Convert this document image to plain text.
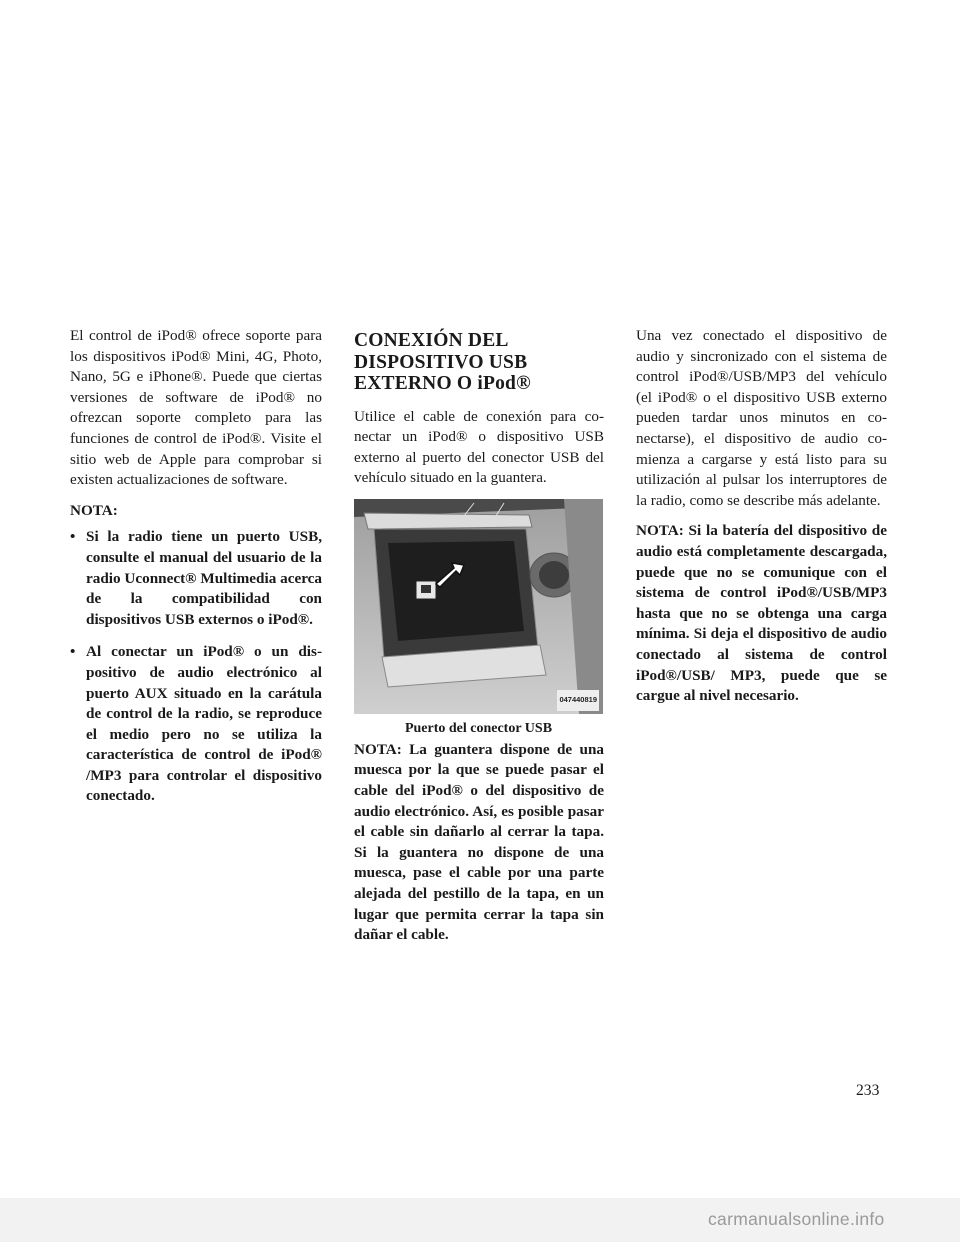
El control de iPod® ofrece soporte para los dispositivos iPod® Mini, 4G, Photo, Nano, 5G e iPhone®. Puede que ciertas versiones de software de iPod® no ofrezcan soporte completo para las funciones de control de iPod®. Visite el sitio web de Apple para comprobar si existen actualizaciones de software.

NOTA:
• Si la radio tiene un puerto USB, consulte el manual del usuario de la radio Uconnect® Multimedia acerca de la compatibilidad con dispositivos USB externos o iPod®.
• Al conectar un iPod® o un dispositivo de audio electrónico al puerto AUX situado en la carátula de control de la radio, se reproduce el medio pero no se utiliza la característica de control de iPod® /MP3 para controlar el dispositivo conectado.
CONEXIÓN DEL DISPOSITIVO USB EXTERNO O iPod®

Utilice el cable de conexión para conectar un iPod® o dispositivo USB externo al puerto del conector USB del vehículo situado en la guantera.

047440819
Puerto del conector USB

NOTA: La guantera dispone de una muesca por la que se puede pasar el cable del iPod® o del dispositivo de audio electrónico. Así, es posible pasar el cable sin dañarlo al cerrar la tapa. Si la guantera no dispone de una muesca, pase el cable por una parte alejada del pestillo de la tapa, en un lugar que permita cerrar la tapa sin dañar el cable.

Una vez conectado el dispositivo de audio y sincronizado con el sistema de control iPod®/USB/MP3 del vehículo (el iPod® o el dispositivo USB externo pueden tardar unos minutos en conectarse), el dispositivo de audio comienza a cargarse y está listo para su utilización al pulsar los interruptores de la radio, como se describe más adelante.

NOTA: Si la batería del dispositivo de audio está completamente descargada, puede que no se comunique con el sistema de control iPod®/USB/MP3 hasta que no se obtenga una carga mínima. Si deja el dispositivo de audio conectado al sistema de control iPod®/USB/ MP3, puede que se cargue al nivel necesario.

233
carmanualsonline.info
